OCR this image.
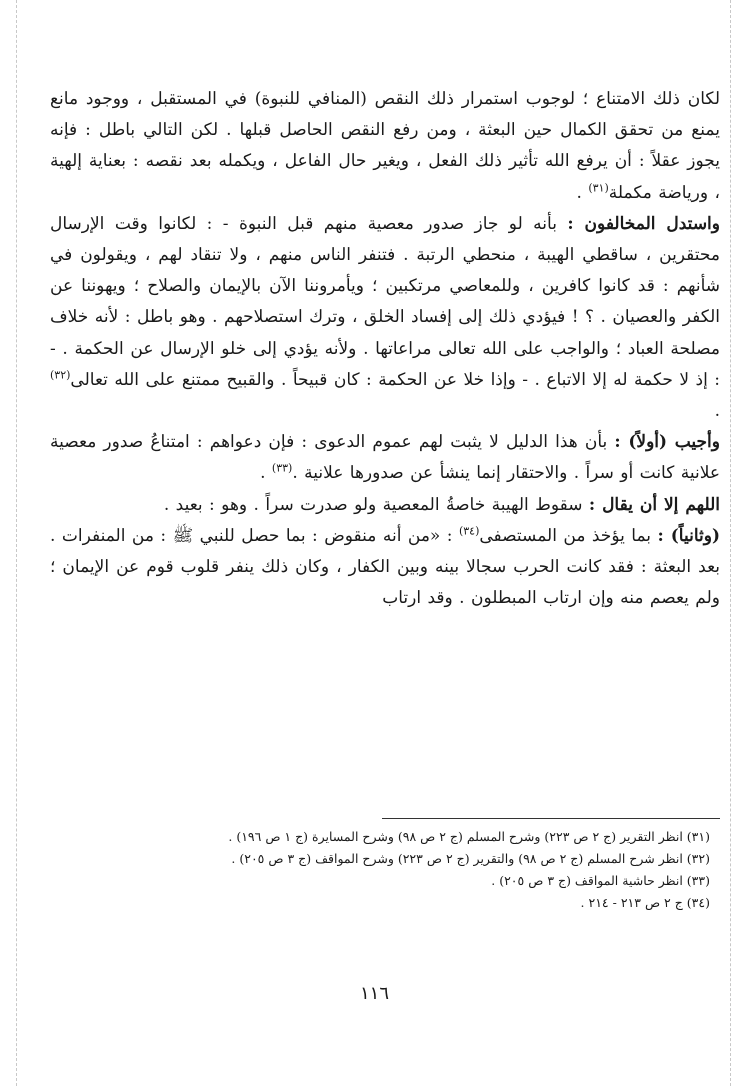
لكان ذلك الامتناع ؛ لوجوب استمرار ذلك النقص (المنافي للنبوة) في المستقبل ، ووجود مانع يمنع من تحقق الكمال حين البعثة ، ومن رفع النقص الحاصل قبلها . لكن التالي باطل : فإنه يجوز عقلاً : أن يرفع الله تأثير ذلك الفعل ، ويغير حال الفاعل ، ويكمله بعد نقصه : بعناية إلهية ، ورياضة مكملة$^{(٣١)}$ .

واستدل المخالفون : بأنه لو جاز صدور معصية منهم قبل النبوة - : لكانوا وقت الإرسال محتقرين ، ساقطي الهيبة ، منحطي الرتبة . فتنفر الناس منهم ، ولا تنقاد لهم ، ويقولون في شأنهم : قد كانوا كافرين ، وللمعاصي مرتكبين ؛ ويأمروننا الآن بالإيمان والصلاح ؛ ويهوننا عن الكفر والعصيان . ؟ ! فيؤدي ذلك إلى إفساد الخلق ، وترك استصلاحهم . وهو باطل : لأنه خلاف مصلحة العباد ؛ والواجب على الله تعالى مراعاتها . ولأنه يؤدي إلى خلو الإرسال عن الحكمة . - : إذ لا حكمة له إلا الاتباع . - وإذا خلا عن الحكمة : كان قبيحاً . والقبيح ممتنع على الله تعالى$^{(٣٢)}$ .

وأجيب (أولاً) : بأن هذا الدليل لا يثبت لهم عموم الدعوى : فإن دعواهم : امتناعُ صدور معصية علانية كانت أو سراً . والاحتقار إنما ينشأ عن صدورها علانية .$^{(٣٣)}$ .

اللهم إلا أن يقال : سقوط الهيبة خاصةُ المعصية ولو صدرت سراً . وهو : بعيد .

(وثانياً) : بما يؤخذ من المستصفى$^{(٣٤)}$ : «من أنه منقوض : بما حصل للنبي ﷺ : من المنفرات . بعد البعثة : فقد كانت الحرب سجالا بينه وبين الكفار ، وكان ذلك ينفر قلوب قوم عن الإيمان ؛ ولم يعصم منه وإن ارتاب المبطلون . وقد ارتاب

(٣١) انظر التقرير (ج ٢ ص ٢٢٣) وشرح المسلم (ج ٢ ص ٩٨) وشرح المسايرة (ج ١ ص ١٩٦) .
(٣٢) انظر شرح المسلم (ج ٢ ص ٩٨) والتقرير (ج ٢ ص ٢٢٣) وشرح المواقف (ج ٣ ص ٢٠٥) .
(٣٣) انظر حاشية المواقف (ج ٣ ص ٢٠٥) .
(٣٤) ج ٢ ص ٢١٣ - ٢١٤ .
١١٦
